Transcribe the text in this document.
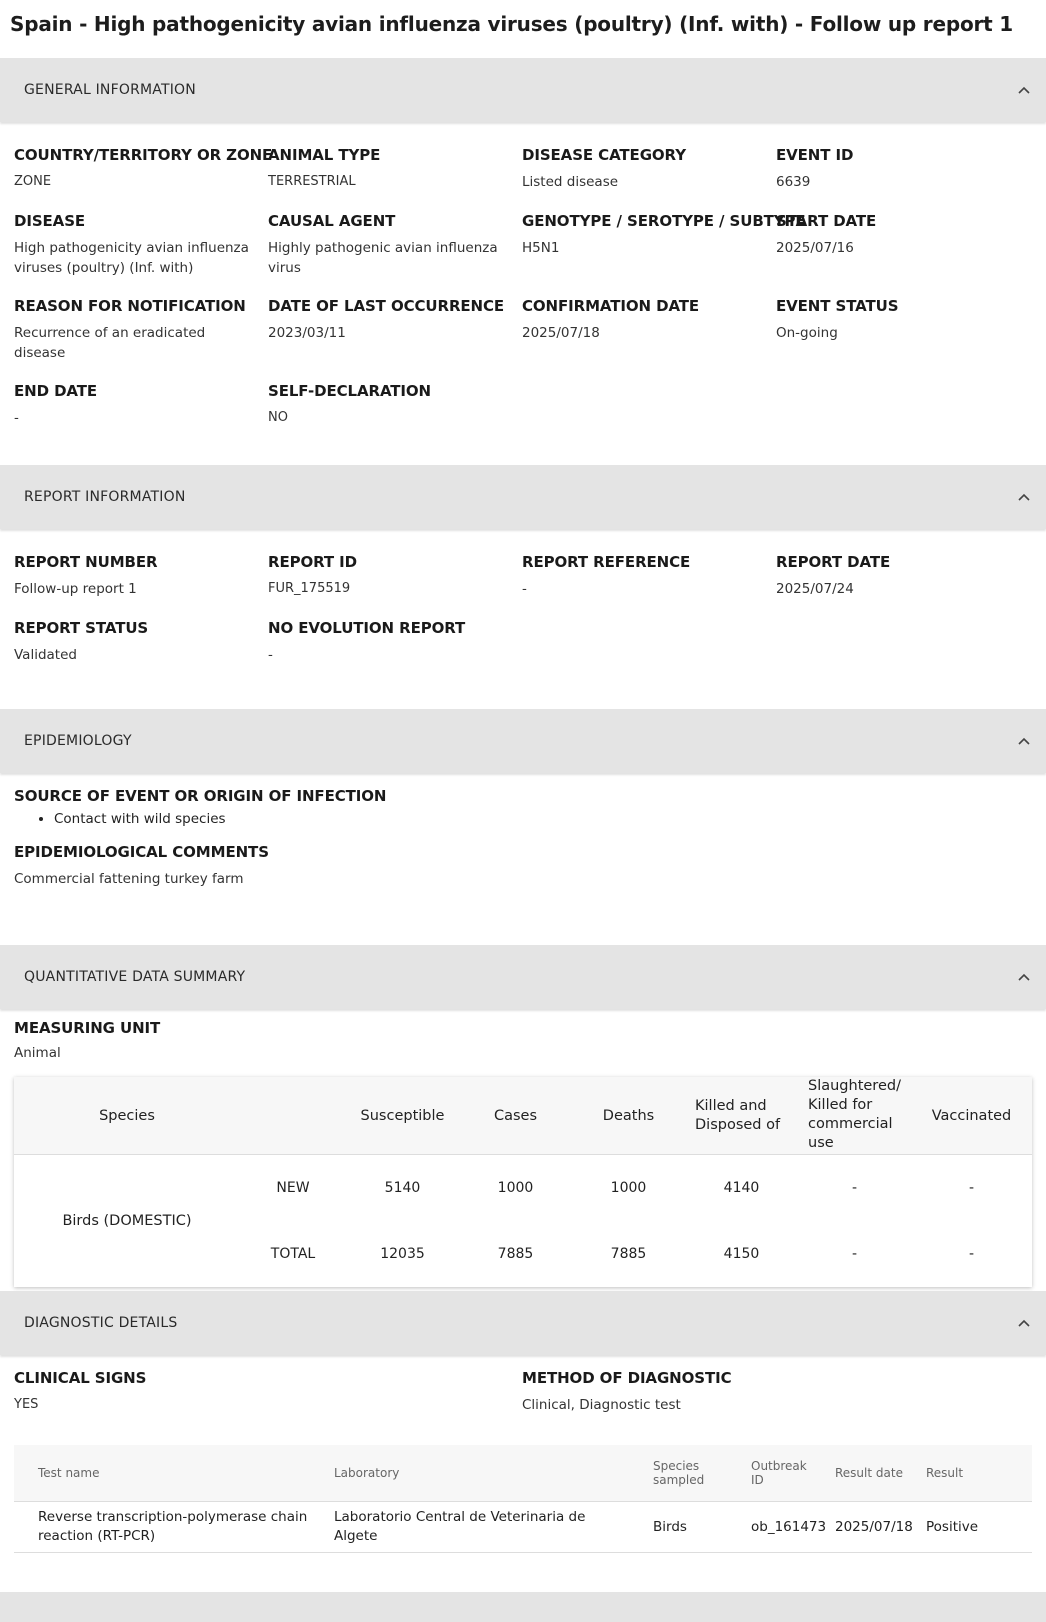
Spain - High pathogenicity avian influenza viruses (poultry) (Inf. with) - Follow up report 1
GENERAL INFORMATION
COUNTRY/TERRITORY OR ZONE
ZONE
ANIMAL TYPE
TERRESTRIAL
DISEASE CATEGORY
Listed disease
EVENT ID
6639
DISEASE
High pathogenicity avian influenza viruses (poultry) (Inf. with)
CAUSAL AGENT
Highly pathogenic avian influenza virus
GENOTYPE / SEROTYPE / SUBTYPE
H5N1
START DATE
2025/07/16
REASON FOR NOTIFICATION
Recurrence of an eradicated disease
DATE OF LAST OCCURRENCE
2023/03/11
CONFIRMATION DATE
2025/07/18
EVENT STATUS
On-going
END DATE
-
SELF-DECLARATION
NO
REPORT INFORMATION
REPORT NUMBER
Follow-up report 1
REPORT ID
FUR_175519
REPORT REFERENCE
-
REPORT DATE
2025/07/24
REPORT STATUS
Validated
NO EVOLUTION REPORT
-
EPIDEMIOLOGY
SOURCE OF EVENT OR ORIGIN OF INFECTION
• Contact with wild species
EPIDEMIOLOGICAL COMMENTS
Commercial fattening turkey farm
QUANTITATIVE DATA SUMMARY
MEASURING UNIT
Animal
Species		Susceptible	Cases	Deaths	Killed and Disposed of	Slaughtered/ Killed for commercial use	Vaccinated
Birds (DOMESTIC)	NEW	5140	1000	1000	4140	-	-
	TOTAL	12035	7885	7885	4150	-	-
DIAGNOSTIC DETAILS
CLINICAL SIGNS
YES
METHOD OF DIAGNOSTIC
Clinical, Diagnostic test
Test name	Laboratory	Species sampled	Outbreak ID	Result date	Result
Reverse transcription-polymerase chain reaction (RT-PCR)	Laboratorio Central de Veterinaria de Algete	Birds	ob_161473	2025/07/18	Positive
